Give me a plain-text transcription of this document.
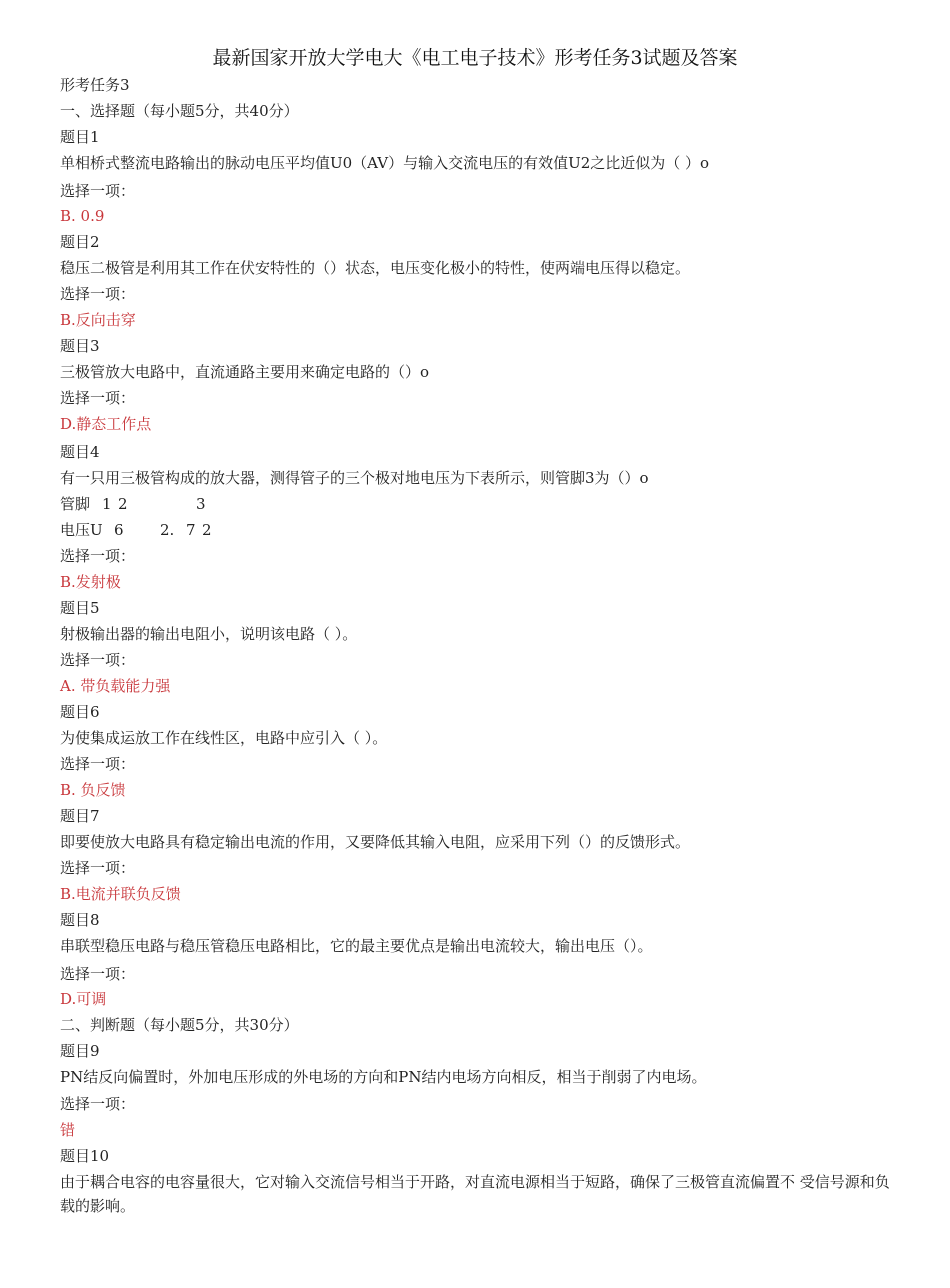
最新国家开放大学电大《电工电子技术》形考任务3试题及答案
形考任务3
一、选择题（每小题5分，共40分）
题目1
单相桥式整流电路输出的脉动电压平均值U0（AV）与输入交流电压的有效值U2之比近似为（ ）o
选择一项：
B. 0.9
题目2
稳压二极管是利用其工作在伏安特性的（）状态，电压变化极小的特性，使两端电压得以稳定。
选择一项：
B.反向击穿
题目3
三极管放大电路中，直流通路主要用来确定电路的（）o
选择一项：
D.静态工作点
题目4
有一只用三极管构成的放大器，测得管子的三个极对地电压为下表所示，则管脚3为（）o
管脚 1 2	3
电压U 6 2. 7 2
选择一项：
B.发射极
题目5
射极输出器的输出电阻小，说明该电路（ ）。
选择一项：
A. 带负载能力强
题目6
为使集成运放工作在线性区，电路中应引入（ ）。
选择一项：
B. 负反馈
题目7
即要使放大电路具有稳定输出电流的作用，又要降低其输入电阻，应采用下列（）的反馈形式。
选择一项：
B.电流并联负反馈
题目8
串联型稳压电路与稳压管稳压电路相比，它的最主要优点是输出电流较大，输出电压（）。
选择一项：
D.可调
二、判断题（每小题5分，共30分）
题目9
PN结反向偏置时，外加电压形成的外电场的方向和PN结内电场方向相反，相当于削弱了内电场。
选择一项：
错
题目10
由于耦合电容的电容量很大，它对输入交流信号相当于开路，对直流电源相当于短路，确保了三极管直流偏置不 受信号源和负载的影响。
